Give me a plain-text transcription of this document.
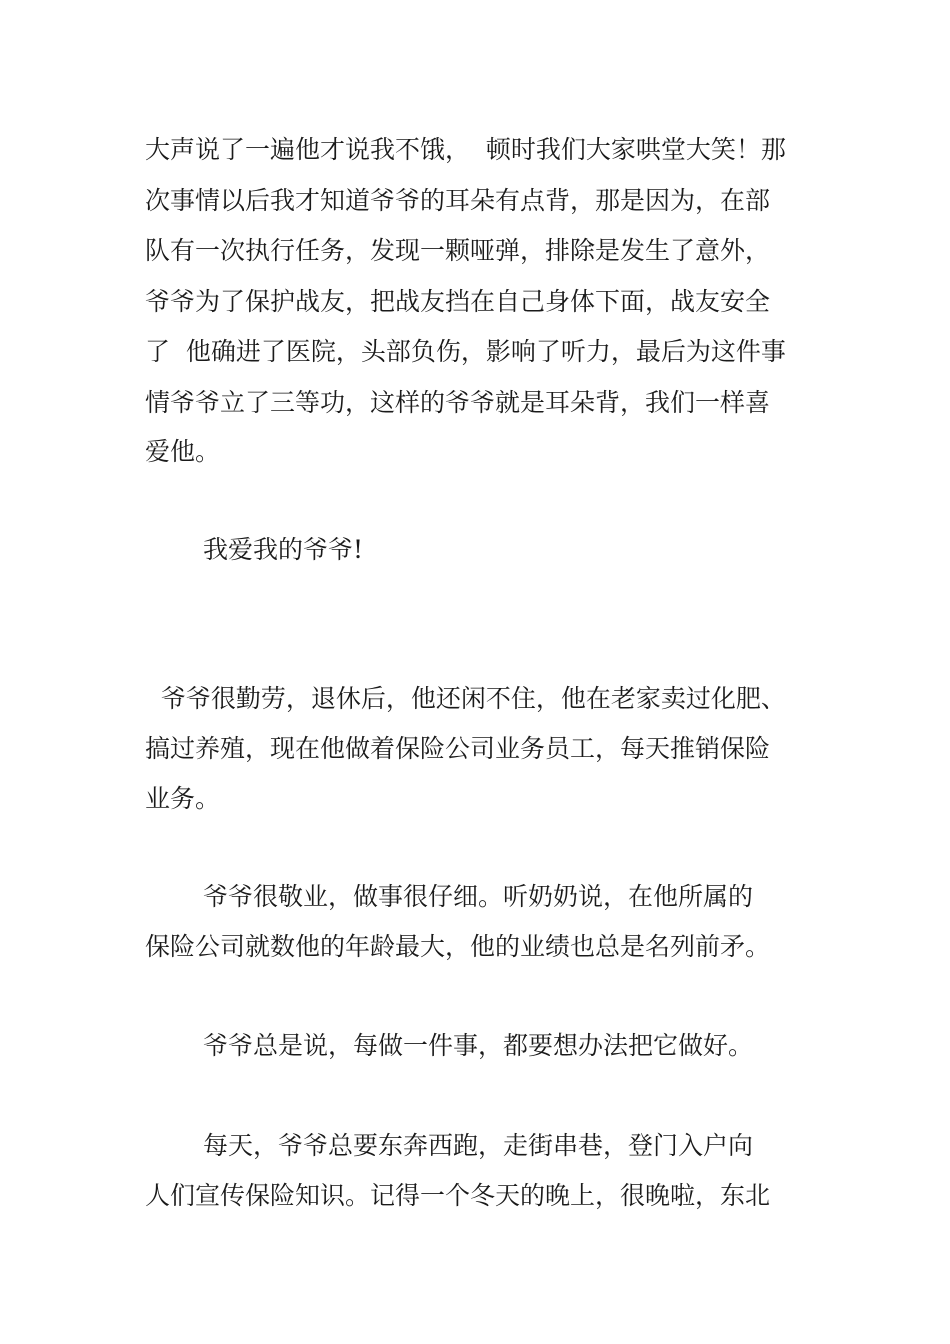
大声说了一遍他才说我不饿，  顿时我们大家哄堂大笑！那
次事情以后我才知道爷爷的耳朵有点背，那是因为，在部
队有一次执行任务，发现一颗哑弹，排除是发生了意外，
爷爷为了保护战友，把战友挡在自己身体下面，战友安全
了  他确进了医院，头部负伤，影响了听力，最后为这件事
情爷爷立了三等功，这样的爷爷就是耳朵背，我们一样喜
爱他。
　　 我爱我的爷爷!
爷爷很勤劳，退休后，他还闲不住，他在老家卖过化肥、
搞过养殖，现在他做着保险公司业务员工，每天推销保险
业务。
　　 爷爷很敬业，做事很仔细。听奶奶说，在他所属的
保险公司就数他的年龄最大，他的业绩也总是名列前矛。
　　 爷爷总是说，每做一件事，都要想办法把它做好。
　　 每天，爷爷总要东奔西跑，走街串巷，登门入户向
人们宣传保险知识。记得一个冬天的晚上，很晚啦，东北
